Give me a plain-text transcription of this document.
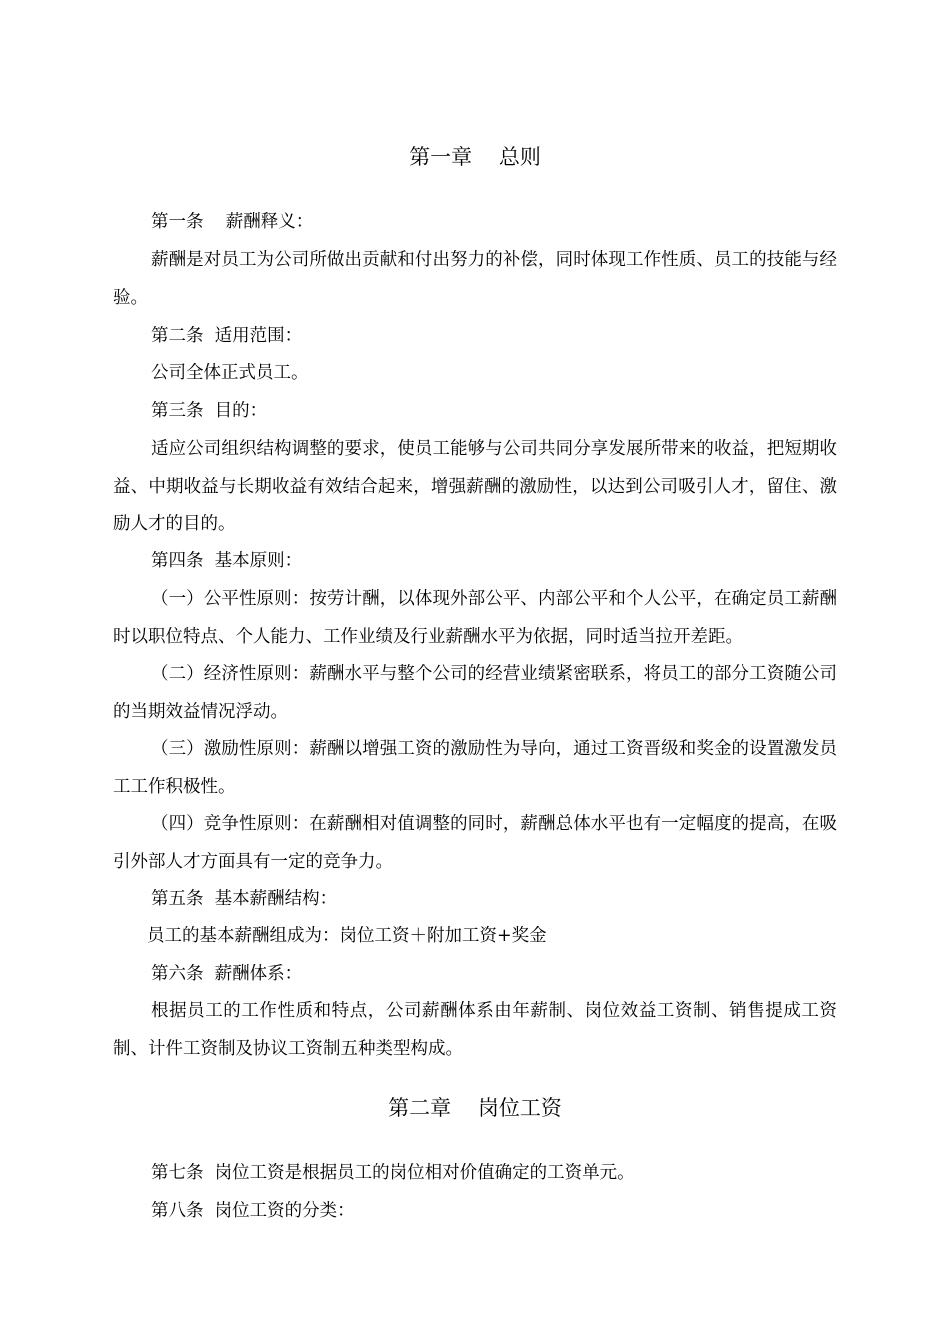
第一章    总则
第一条    薪酬释义：

薪酬是对员工为公司所做出贡献和付出努力的补偿，同时体现工作性质、员工的技能与经验。

第二条  适用范围：
公司全体正式员工。
第三条  目的：

适应公司组织结构调整的要求，使员工能够与公司共同分享发展所带来的收益，把短期收益、中期收益与长期收益有效结合起来，增强薪酬的激励性，以达到公司吸引人才，留住、激励人才的目的。

第四条  基本原则：

（一）公平性原则：按劳计酬，以体现外部公平、内部公平和个人公平，在确定员工薪酬时以职位特点、个人能力、工作业绩及行业薪酬水平为依据，同时适当拉开差距。

（二）经济性原则：薪酬水平与整个公司的经营业绩紧密联系，将员工的部分工资随公司的当期效益情况浮动。

（三）激励性原则：薪酬以增强工资的激励性为导向，通过工资晋级和奖金的设置激发员工工作积极性。

（四）竞争性原则：在薪酬相对值调整的同时，薪酬总体水平也有一定幅度的提高，在吸引外部人才方面具有一定的竞争力。

第五条  基本薪酬结构：
员工的基本薪酬组成为：岗位工资＋附加工资+奖金
第六条  薪酬体系：

根据员工的工作性质和特点，公司薪酬体系由年薪制、岗位效益工资制、销售提成工资制、计件工资制及协议工资制五种类型构成。

第二章    岗位工资
第七条  岗位工资是根据员工的岗位相对价值确定的工资单元。
第八条  岗位工资的分类：
